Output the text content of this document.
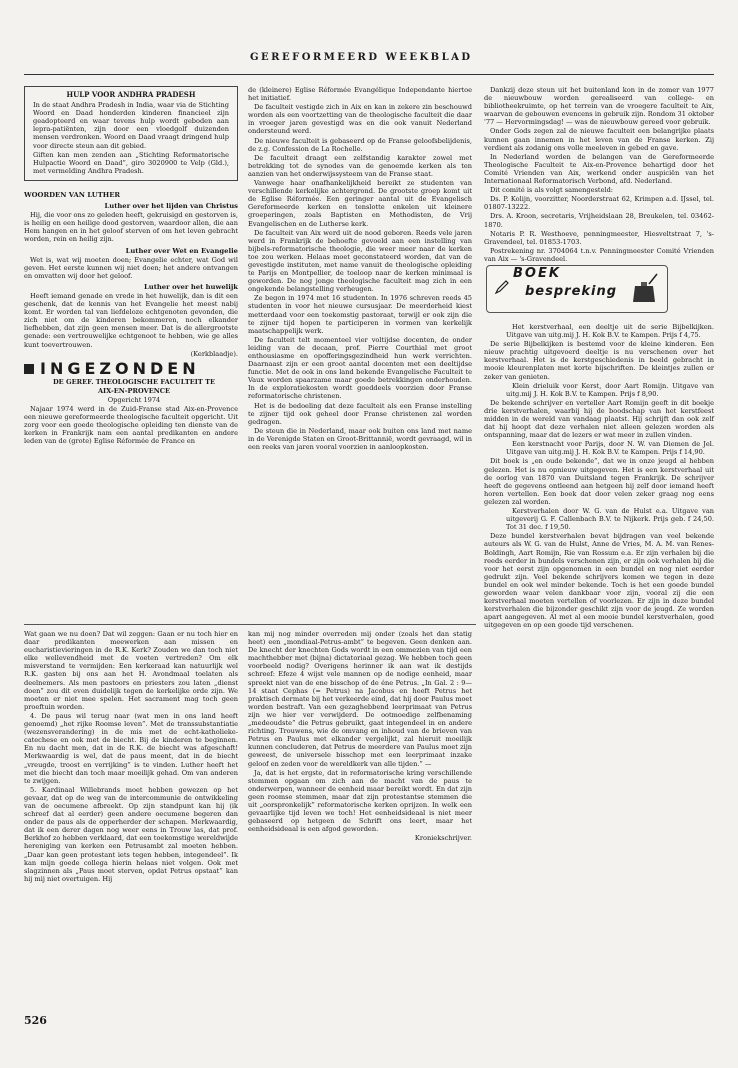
GEREFORMEERD WEEKBLAD
HULP VOOR ANDHRA PRADESH

In de staat Andhra Pradesh in India, waar via de Stichting Woord en Daad honderden kinderen financieel zijn geadopteerd en waar tevens hulp wordt geboden aan lepra-patiënten, zijn door een vloedgolf duizenden mensen verdronken. Woord en Daad vraagt dringend hulp voor directe steun aan dit gebied.

Giften kan men zenden aan „Stichting Reformatorische Hulpactie Woord en Daad”, giro 3020900 te Velp (Gld.), met vermelding Andhra Pradesh.

WOORDEN VAN LUTHER
Luther over het lijden van Christus

Hij, die voor ons zo geleden heeft, gekruisigd en gestorven is, is heilig en een heilige dood gestorven, waardoor allen, die aan Hem hangen en in het geloof sterven of om het leven gebracht worden, rein en heilig zijn.

Luther over Wet en Evangelie

Wet is, wat wij moeten doen; Evangelie echter, wat God wil geven. Het eerste kunnen wij niet doen; het andere ontvangen en omvatten wij door het geloof.

Luther over het huwelijk

Heeft iemand genade en vrede in het huwelijk, dan is dit een geschenk, dat de kennis van het Evangelie het meest nabij komt. Er worden tal van liefdeloze echtgenoten gevonden, die zich niet om de kinderen bekommeren, noch elkander liefhebben, dat zijn geen mensen meer. Dat is de allergrootste genade: een vertrouwelijke echtgenoot te hebben, wie ge alles kunt toevertrouwen.

(Kerkblaadje).

INGEZONDEN

DE GEREF. THEOLOGISCHE FACULTEIT TE

AIX-EN-PROVENCE

Opgericht 1974

Najaar 1974 werd in de Zuid-Franse stad Aix-en-Provence een nieuwe gereformeerde theologische faculteit opgericht. Uit zorg voor een goede theologische opleiding ten dienste van de kerken in Frankrijk nam een aantal predikanten en andere leden van de (grote) Eglise Réformée de France en

de (kleinere) Eglise Réformée Evangélique Independante hiertoe het initiatief.

De faculteit vestigde zich in Aix en kan in zekere zin beschouwd worden als een voortzetting van de theologische faculteit die daar in vroeger jaren gevestigd was en die ook vanuit Nederland ondersteund werd.

De nieuwe faculteit is gebaseerd op de Franse geloofsbelijdenis, de z.g. Confession de La Rochelle.

De faculteit draagt een zelfstandig karakter zowel met betrekking tot de synodes van de genoemde kerken als ten aanzien van het onderwijssysteem van de Franse staat.

Vanwege haar onafhankelijkheid bereikt ze studenten van verschillende kerkelijke achtergrond. De grootste groep komt uit de Eglise Réformée. Een geringer aantal uit de Evangelisch Gereformeerde kerken en tenslotte enkelen uit kleinere groeperingen, zoals Baptisten en Methodisten, de Vrij Evangelischen en de Lutherse kerk.

De faculteit van Aix werd uit de nood geboren. Reeds vele jaren werd in Frankrijk de behoefte gevoeld aan een instelling van bijbels-reformatorische theologie, die weer meer naar de kerken toe zou werken. Helaas moet geconstateerd worden, dat van de gevestigde instituten, met name vanuit de theologische opleiding te Parijs en Montpellier, de toeloop naar de kerken minimaal is geworden. De nog jonge theologische faculteit mag zich in een ongekende belangstelling verheugen.

Ze begon in 1974 met 16 studenten. In 1976 schreven reeds 45 studenten in voor het nieuwe cursusjaar. De meerderheid kiest metterdaad voor een toekomstig pastoraat, terwijl er ook zijn die te zijner tijd hopen te participeren in vormen van kerkelijk maatschappelijk werk.

De faculteit telt momenteel vier voltijdse docenten, de onder leiding van de decaan, prof. Pierre Courthial met groot enthousiasme en opofferingsgezindheid hun werk verrichten. Daarnaast zijn er een groot aantal docenten met een deeltijdse functie. Met de ook in ons land bekende Evangelische Faculteit te Vaux worden spaarzame maar goede betrekkingen onderhouden. In de exploratiekosten wordt goeddeels voorzien door Franse reformatorische christenen.

Het is de bedoeling dat deze faculteit als een Franse instelling te zijner tijd ook geheel door Franse christenen zal worden gedragen.

De steun die in Nederland, maar ook buiten ons land met name in de Verenigde Staten en Groot-Brittannië, wordt gevraagd, wil in een reeks van jaren vooral voorzien in aanloopkosten.

Dankzij deze steun uit het buitenland kon in de zomer van 1977 de nieuwbouw worden gerealiseerd van college- en bibliotheekruimte, op het terrein van de vroegere faculteit te Aix, waarvan de gebouwen evencens in gebruik zijn. Rondom 31 oktober '77 — Hervormingsdag! — was de nieuwbouw gereed voor gebruik.

Onder Gods zegen zal de nieuwe faculteit een belangrijke plaats kunnen gaan innemen in het leven van de Franse kerken. Zij verdient als zodanig ons volle meeleven in gebed en gave.

In Nederland worden de belangen van de Gereformeerde Theologische Faculteit te Aix-en-Provence behartigd door het Comité Vrienden van Aix, werkend onder auspiciën van het Internationaal Reformatorisch Verbond, afd. Nederland.

Dit comité is als volgt samengesteld:

Ds. P. Kolijn, voorzitter, Noorderstraat 62, Krimpen a.d. IJssel, tel. 01807-13222.

Drs. A. Kroon, secretaris, Vrijheidslaan 28, Breukelen, tel. 03462-1870.

Notaris P. R. Westhoeve, penningmeester, Hiesveltstraat 7, 's-Gravendeel, tel. 01853-1703.

Postrekening nr. 3704064 t.n.v. Penningmeester Comité Vrienden van Aix — 's-Gravendeel.

BOEK
bespreking

Het kerstverhaal, een deeltje uit de serie Bijbelkijken. Uitgave van uitg.mij J. H. Kok B.V. te Kampen. Prijs f 4,75.

De serie Bijbelkijken is bestemd voor de kleine kinderen. Een nieuw prachtig uitgevoerd deeltje is nu verschenen over het kerstverhaal. Het is de kerstgeschiedenis in beeld gebracht in mooie kleurenplaten met korte bijschriften. De kleintjes zullen er zeker van genieten.

Klein drieluik voor Kerst, door Aart Romijn. Uitgave van uitg.mij J. H. Kok B.V. te Kampen. Prijs f 8,90.

De bekende schrijver en verteller Aart Romijn geeft in dit boekje drie kerstverhalen, waarbij hij de boodschap van het kerstfeest midden in de wereld van vandaag plaatst. Hij schrijft dan ook zelf dat hij hoopt dat deze verhalen niet alleen gelezen worden als ontspanning, maar dat de lezers er wat meer in zullen vinden.

Een kerstnacht voor Parijs, door N. W. van Diemen de Jel. Uitgave van uitg.mij J. H. Kok B.V. te Kampen. Prijs f 14,90.

Dit boek is „en oude bekende”, dat we in onze jeugd al hebben gelezen. Het is nu opnieuw uitgegeven. Het is een kerstverhaal uit de oorlog van 1870 van Duitsland tegen Frankrijk. De schrijver heeft de gegevens ontleend aan hetgeen hij zelf door iemand heeft horen vertellen. Een boek dat door velen zeker graag nog eens gelezen zal worden.

Kerstverhalen door W. G. van de Hulst e.a. Uitgave van uitgeverij G. F. Callenbach B.V. te Nijkerk. Prijs geb. f 24,50. Tot 31 dec. f 19,50.

Deze bundel kerstverhalen bevat bijdragen van veel bekende auteurs als W. G. van de Hulst, Anne de Vries, M. A. M. van Renes-Boldingh, Aart Romijn, Rie van Rossum e.a. Er zijn verhalen bij die reeds eerder in bundels verschenen zijn, er zijn ook verhalen bij die voor het eerst zijn opgenomen in een bundel en nog niet eerder gedrukt zijn. Veel bekende schrijvers komen we tegen in deze bundel en ook wel minder bekende. Toch is het een goede bundel geworden waar velen dankbaar voor zijn, vooral zij die een kerstverhaal moeten vertellen of voorlezen. Er zijn in deze bundel kerstverhalen die bijzonder geschikt zijn voor de jeugd. Ze worden apart aangegeven. Al met al een mooie bundel kerstverhalen, goed uitgegeven en op een goede tijd verschenen.

Wat gaan we nu doen? Dat wil zeggen: Gaan er nu toch hier en daar predikanten meewerken aan missen en eucharistievieringen in de R.K. Kerk? Zouden we dan toch niet elke wellevendheid met de voeten vertreden? Om elk misverstand te vermijden: Een kerkeraad kan natuurlijk wel R.K. gasten bij ons aan het H. Avondmaal toelaten als deelnemers. Als men pastoors en priesters zou laten „dienst doen” zou dit even duidelijk tegen de kerkelijke orde zijn. We moeten er niet mee spelen. Het sacrament mag toch geen proeftuin worden.

4. De paus wil terug naar (wat men in ons land heeft genoemd) „het rijke Roomse leven”. Met de transsubstantiatie (wezensverandering) in de mis met de echt-katholieke-catechese en ook met de biecht. Bij de kinderen te beginnen. En nu dacht men, dat in de R.K. de biecht was afgeschaft! Merkwaardig is wel, dat de paus meent, dat in de biecht „vreugde, troost en verrijking” is te vinden. Luther heeft het met die biecht dan toch maar moeilijk gehad. Om van anderen te zwijgen.

5. Kardinaal Willebrands moet hebben gewezen op het gevaar, dat op de weg van de intercommunie de ontwikkeling van de oecumene afbreekt. Op zijn standpunt kan hij (ik schreef dat al eerder) geen andere oecumene begeren dan onder de paus als de opperherder der schapen. Merkwaardig, dat ik een derer dagen nog weer eens in Trouw las, dat prof. Berkhof zo hebben verklaard, dat een toekomstige wereldwijde hereniging van kerken een Petrusambt zal moeten hebben. „Daar kan geen protestant iets tegen hebben, integendeel”. Ik kan mijn goede collega hierin helaas niet volgen. Ook met slagzinnen als „Paus moet sterven, opdat Petrus opstaat” kan hij mij niet overtuigen. Hij

kan mij nog minder overreden mij onder (zoals het dan statig heet) een „mondiaal-Petrus-ambt” te begeven. Geen denken aan. De knecht der knechten Gods wordt in een ommezien van tijd een machthebber met (bijna) dictatoriaal gezag. We hebben toch geen voorbeeld nodig? Overigens herinner ik aan wat ik destijds schreef: Efeze 4 wijst vele mannen op de nodige eenheid, maar spreekt niet van de ene bisschop of de éne Petrus. „In Gal. 2 : 9—14 staat Cephas (= Petrus) na Jacobus en heeft Petrus het praktisch dermate bij het verkeerde eind, dat hij door Paulus moet worden bestraft. Van een gezaghebbend leerprimaat van Petrus zijn we hier ver verwijderd. De ootmoedige zelfbenaming „medeoudste” die Petrus gebruikt, gaat integendeel in en andere richting. Trouwens, wie de omvang en inhoud van de brieven van Petrus en Paulus met elkander vergelijkt, zal hieruit moeilijk kunnen concluderen, dat Petrus de meerdere van Paulus moet zijn geweest, de universele bisschop met een leerprimaat inzake geloof en zeden voor de wereldkerk van alle tijden.” —

Ja, dat is het ergste, dat in reformatorische kring verschillende stemmen opgaan om zich aan de macht van de paus te onderwerpen, wanneer de eenheid maar bereikt wordt. En dat zijn geen roomse stemmen, maar dat zijn protestantse stemmen die uit „oorspronkelijk” reformatorische kerken oprijzen. In welk een gevaarlijke tijd leven we toch! Het eenheidsideaal is niet meer gebaseerd op hetgeen de Schrift ons leert, maar het eenheidsideaal is een afgod geworden.

Kroniekschrijver.

526
